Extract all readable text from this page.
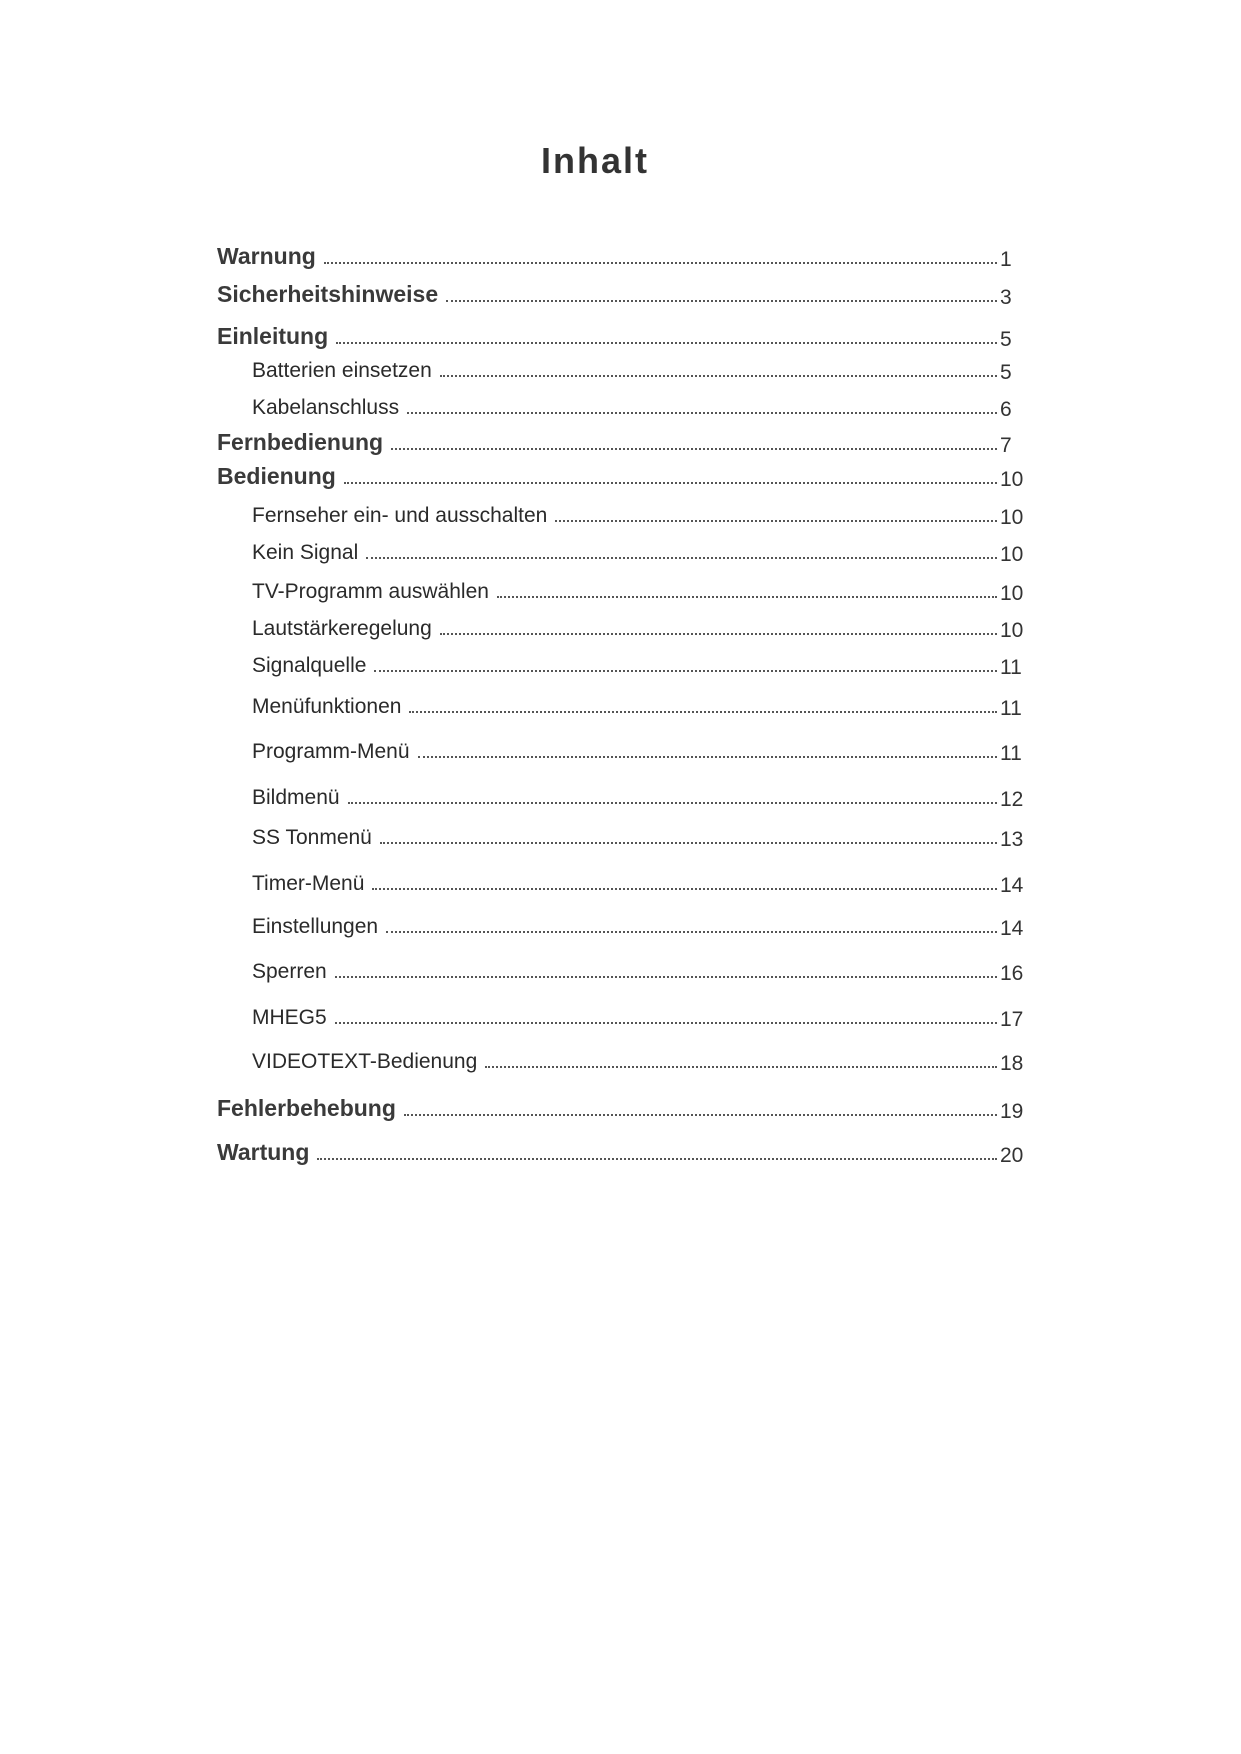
Inhalt
Warnung	1
Sicherheitshinweise	3
Einleitung	5
Batterien einsetzen	5
Kabelanschluss	6
Fernbedienung	7
Bedienung	10
Fernseher ein- und ausschalten	10
Kein Signal	10
TV-Programm auswählen	10
Lautstärkeregelung	10
Signalquelle	11
Menüfunktionen	11
Programm-Menü	11
Bildmenü	12
SS Tonmenü	13
Timer-Menü	14
Einstellungen	14
Sperren	16
MHEG5	17
VIDEOTEXT-Bedienung	18
Fehlerbehebung	19
Wartung	20
